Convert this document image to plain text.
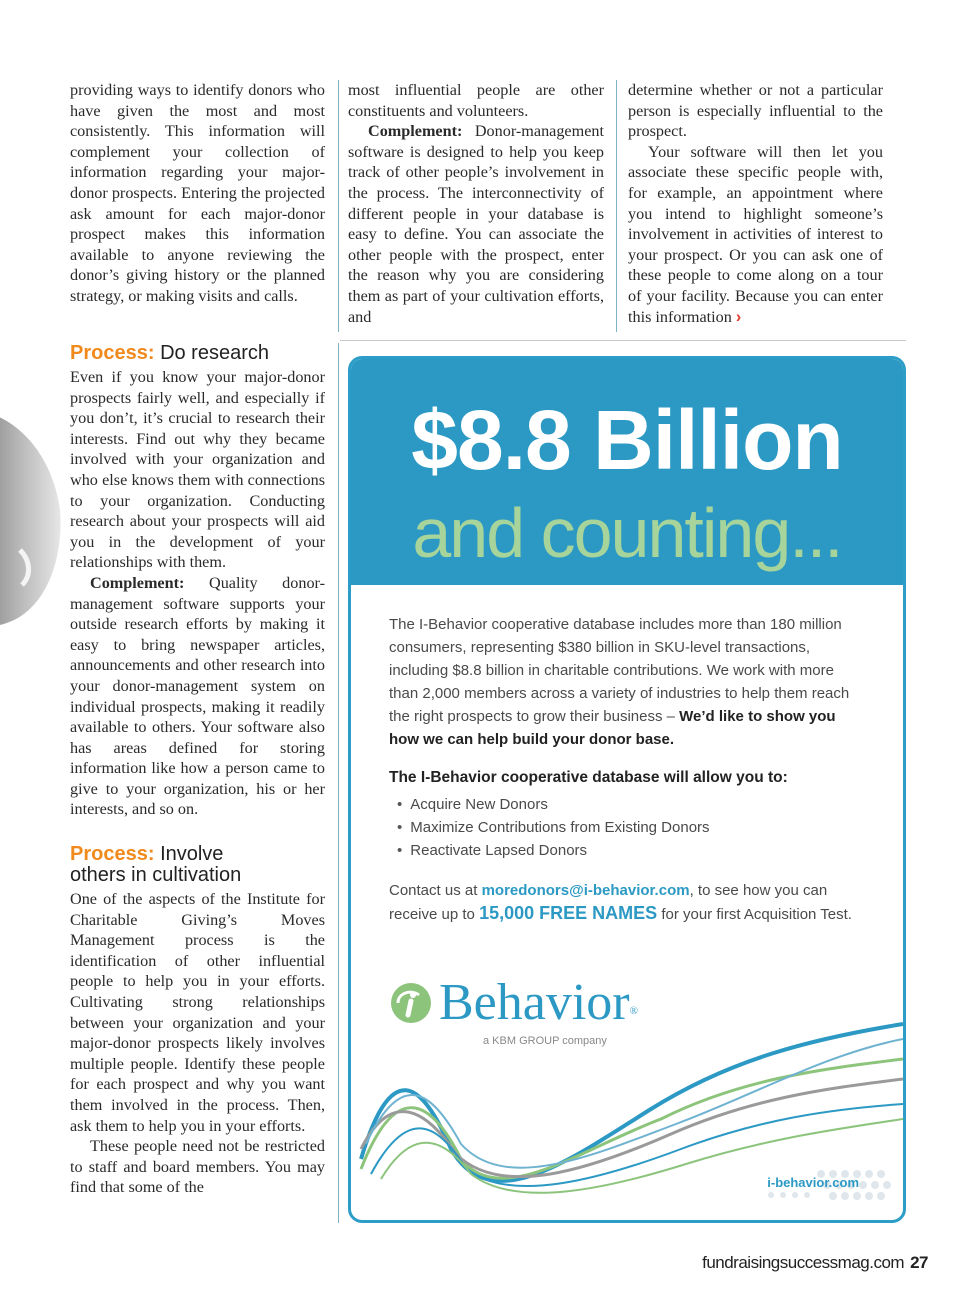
providing ways to identify donors who have given the most and most consistently. This information will complement your collection of information regarding your major-donor prospects. Entering the projected ask amount for each major-donor prospect makes this information available to anyone reviewing the donor’s giving history or the planned strategy, or making visits and calls.

most influential people are other constituents and volunteers.

Complement: Donor-management software is designed to help you keep track of other people’s involvement in the process. The interconnectivity of different people in your database is easy to define. You can associate the other people with the prospect, enter the reason why you are considering them as part of your cultivation efforts, and

determine whether or not a particular person is especially influential to the prospect.

Your software will then let you associate these specific people with, for example, an appointment where you intend to highlight someone’s involvement in activities of interest to your prospect. Or you can ask one of these people to come along on a tour of your facility. Because you can enter this information ›

Process: Do research

Even if you know your major-donor prospects fairly well, and especially if you don’t, it’s crucial to research their interests. Find out why they became involved with your organization and who else knows them with connections to your organization. Conducting research about your prospects will aid you in the development of your relationships with them.

Complement: Quality donor-management software supports your outside research efforts by making it easy to bring newspaper articles, announcements and other research into your donor-management system on individual prospects, making it readily available to others. Your software also has areas defined for storing information like how a person came to give to your organization, his or her interests, and so on.

Process: Involve
others in cultivation

One of the aspects of the Institute for Charitable Giving’s Moves Management process is the identification of other influential people to help you in your efforts. Cultivating strong relationships between your organization and your major-donor prospects likely involves multiple people. Identify these people for each prospect and why you want them involved in the process. Then, ask them to help you in your efforts.

These people need not be restricted to staff and board members. You may find that some of the

$8.8 Billion
and counting...
The I-Behavior cooperative database includes more than 180 million consumers, representing $380 billion in SKU-level transactions, including $8.8 billion in charitable contributions. We work with more than 2,000 members across a variety of industries to help them reach the right prospects to grow their business – We’d like to show you how we can help build your donor base.
The I-Behavior cooperative database will allow you to:
• Acquire New Donors
• Maximize Contributions from Existing Donors
• Reactivate Lapsed Donors
Contact us at moredonors@i-behavior.com, to see how you can receive up to 15,000 FREE NAMES for your first Acquisition Test.
Behavior®
a KBM GROUP company
i-behavior.com
fundraisingsuccessmag.com 27
